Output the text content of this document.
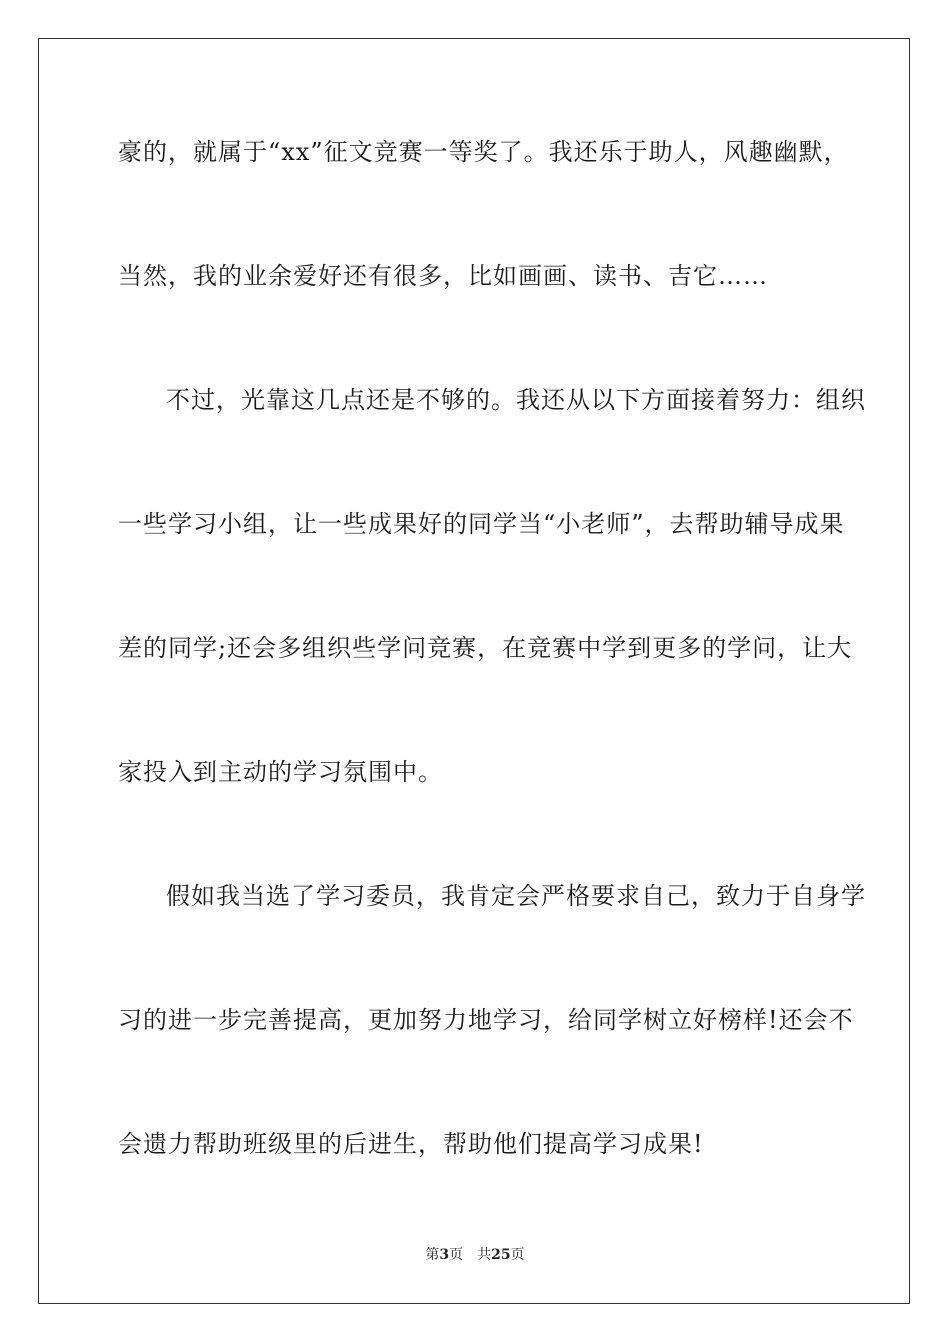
豪的，就属于“xx”征文竞赛一等奖了。我还乐于助人，风趣幽默，
当然，我的业余爱好还有很多，比如画画、读书、吉它……
不过，光靠这几点还是不够的。我还从以下方面接着努力：组织
一些学习小组，让一些成果好的同学当“小老师”，去帮助辅导成果
差的同学;还会多组织些学问竞赛，在竞赛中学到更多的学问，让大
家投入到主动的学习氛围中。
假如我当选了学习委员，我肯定会严格要求自己，致力于自身学
习的进一步完善提高，更加努力地学习，给同学树立好榜样!还会不
会遗力帮助班级里的后进生，帮助他们提高学习成果!
第3页 共25页
